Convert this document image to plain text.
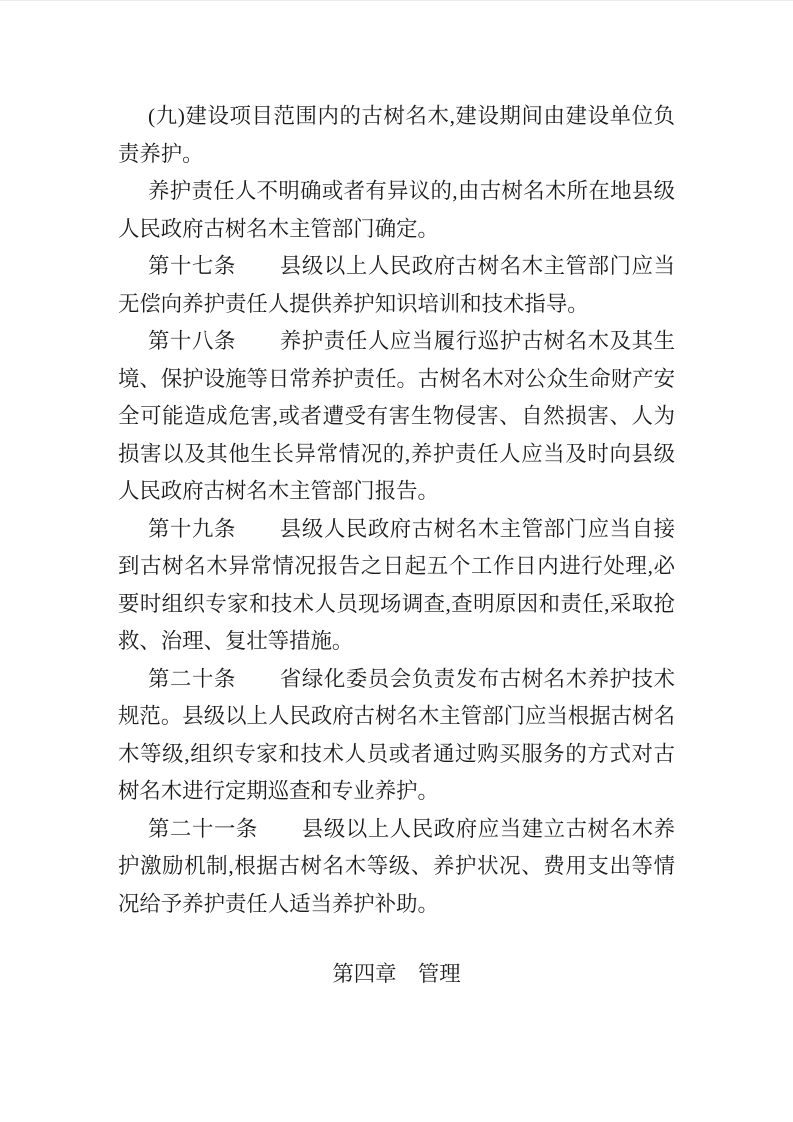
(九)建设项目范围内的古树名木,建设期间由建设单位负责养护。

养护责任人不明确或者有异议的,由古树名木所在地县级人民政府古树名木主管部门确定。

第十七条　　县级以上人民政府古树名木主管部门应当无偿向养护责任人提供养护知识培训和技术指导。

第十八条　　养护责任人应当履行巡护古树名木及其生境、保护设施等日常养护责任。古树名木对公众生命财产安全可能造成危害,或者遭受有害生物侵害、自然损害、人为损害以及其他生长异常情况的,养护责任人应当及时向县级人民政府古树名木主管部门报告。

第十九条　　县级人民政府古树名木主管部门应当自接到古树名木异常情况报告之日起五个工作日内进行处理,必要时组织专家和技术人员现场调查,查明原因和责任,采取抢救、治理、复壮等措施。

第二十条　　省绿化委员会负责发布古树名木养护技术规范。县级以上人民政府古树名木主管部门应当根据古树名木等级,组织专家和技术人员或者通过购买服务的方式对古树名木进行定期巡查和专业养护。

第二十一条　　县级以上人民政府应当建立古树名木养护激励机制,根据古树名木等级、养护状况、费用支出等情况给予养护责任人适当养护补助。

第四章　管理
